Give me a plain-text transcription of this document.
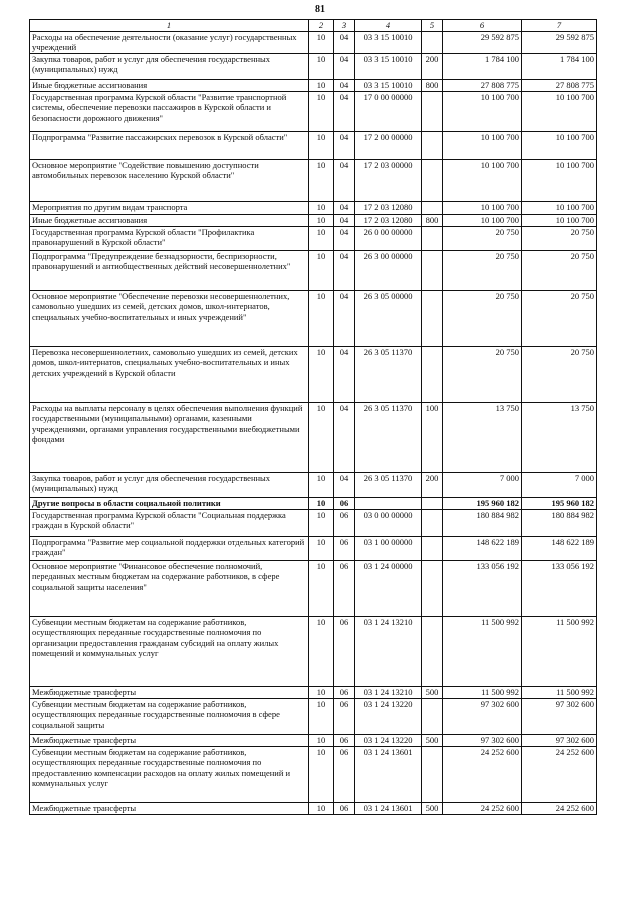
81
1	2	3	4	5	6	7
Расходы на обеспечение деятельности (оказание услуг) государственных учреждений	10	04	03 3 15 10010		29 592 875	29 592 875
Закупка товаров, работ и услуг для обеспечения государственных (муниципальных) нужд	10	04	03 3 15 10010	200	1 784 100	1 784 100
Иные бюджетные ассигнования	10	04	03 3 15 10010	800	27 808 775	27 808 775
Государственная программа Курской области "Развитие транспортной системы, обеспечение перевозки пассажиров в Курской области и безопасности дорожного движения"	10	04	17 0 00 00000		10 100 700	10 100 700
Подпрограмма "Развитие пассажирских перевозок в Курской области"	10	04	17 2 00 00000		10 100 700	10 100 700
Основное мероприятие "Содействие повышению доступности автомобильных перевозок населению Курской области"	10	04	17 2 03 00000		10 100 700	10 100 700
Мероприятия по другим видам транспорта	10	04	17 2 03 12080		10 100 700	10 100 700
Иные бюджетные ассигнования	10	04	17 2 03 12080	800	10 100 700	10 100 700
Государственная программа Курской области "Профилактика правонарушений в Курской области"	10	04	26 0 00 00000		20 750	20 750
Подпрограмма "Предупреждение безнадзорности, беспризорности, правонарушений и антиобщественных действий несовершеннолетних"	10	04	26 3 00 00000		20 750	20 750
Основное мероприятие "Обеспечение перевозки несовершеннолетних, самовольно ушедших из семей, детских домов, школ-интернатов, специальных учебно-воспитательных и иных учреждений"	10	04	26 3 05 00000		20 750	20 750
Перевозка несовершеннолетних, самовольно ушедших из семей, детских домов, школ-интернатов, специальных учебно-воспитательных и иных детских учреждений в Курской области	10	04	26 3 05 11370		20 750	20 750
Расходы на выплаты персоналу в целях обеспечения выполнения функций государственными (муниципальными) органами, казенными учреждениями, органами управления государственными внебюджетными фондами	10	04	26 3 05 11370	100	13 750	13 750
Закупка товаров, работ и услуг для обеспечения государственных (муниципальных) нужд	10	04	26 3 05 11370	200	7 000	7 000
Другие вопросы в области социальной политики	10	06			195 960 182	195 960 182
Государственная программа Курской области "Социальная поддержка граждан в Курской области"	10	06	03 0 00 00000		180 884 982	180 884 982
Подпрограмма "Развитие мер социальной поддержки отдельных категорий граждан"	10	06	03 1 00 00000		148 622 189	148 622 189
Основное мероприятие "Финансовое обеспечение полномочий, переданных местным бюджетам на содержание работников, в сфере социальной защиты населения"	10	06	03 1 24 00000		133 056 192	133 056 192
Субвенции местным бюджетам на содержание работников, осуществляющих переданные государственные полномочия по организации предоставления гражданам субсидий на оплату жилых помещений и коммунальных услуг	10	06	03 1 24 13210		11 500 992	11 500 992
Межбюджетные трансферты	10	06	03 1 24 13210	500	11 500 992	11 500 992
Субвенции местным бюджетам на содержание работников, осуществляющих переданные государственные полномочия в сфере социальной защиты	10	06	03 1 24 13220		97 302 600	97 302 600
Межбюджетные трансферты	10	06	03 1 24 13220	500	97 302 600	97 302 600
Субвенции местным бюджетам на содержание работников, осуществляющих переданные государственные полномочия по предоставлению компенсации расходов на оплату жилых помещений и коммунальных услуг	10	06	03 1 24 13601		24 252 600	24 252 600
Межбюджетные трансферты	10	06	03 1 24 13601	500	24 252 600	24 252 600
